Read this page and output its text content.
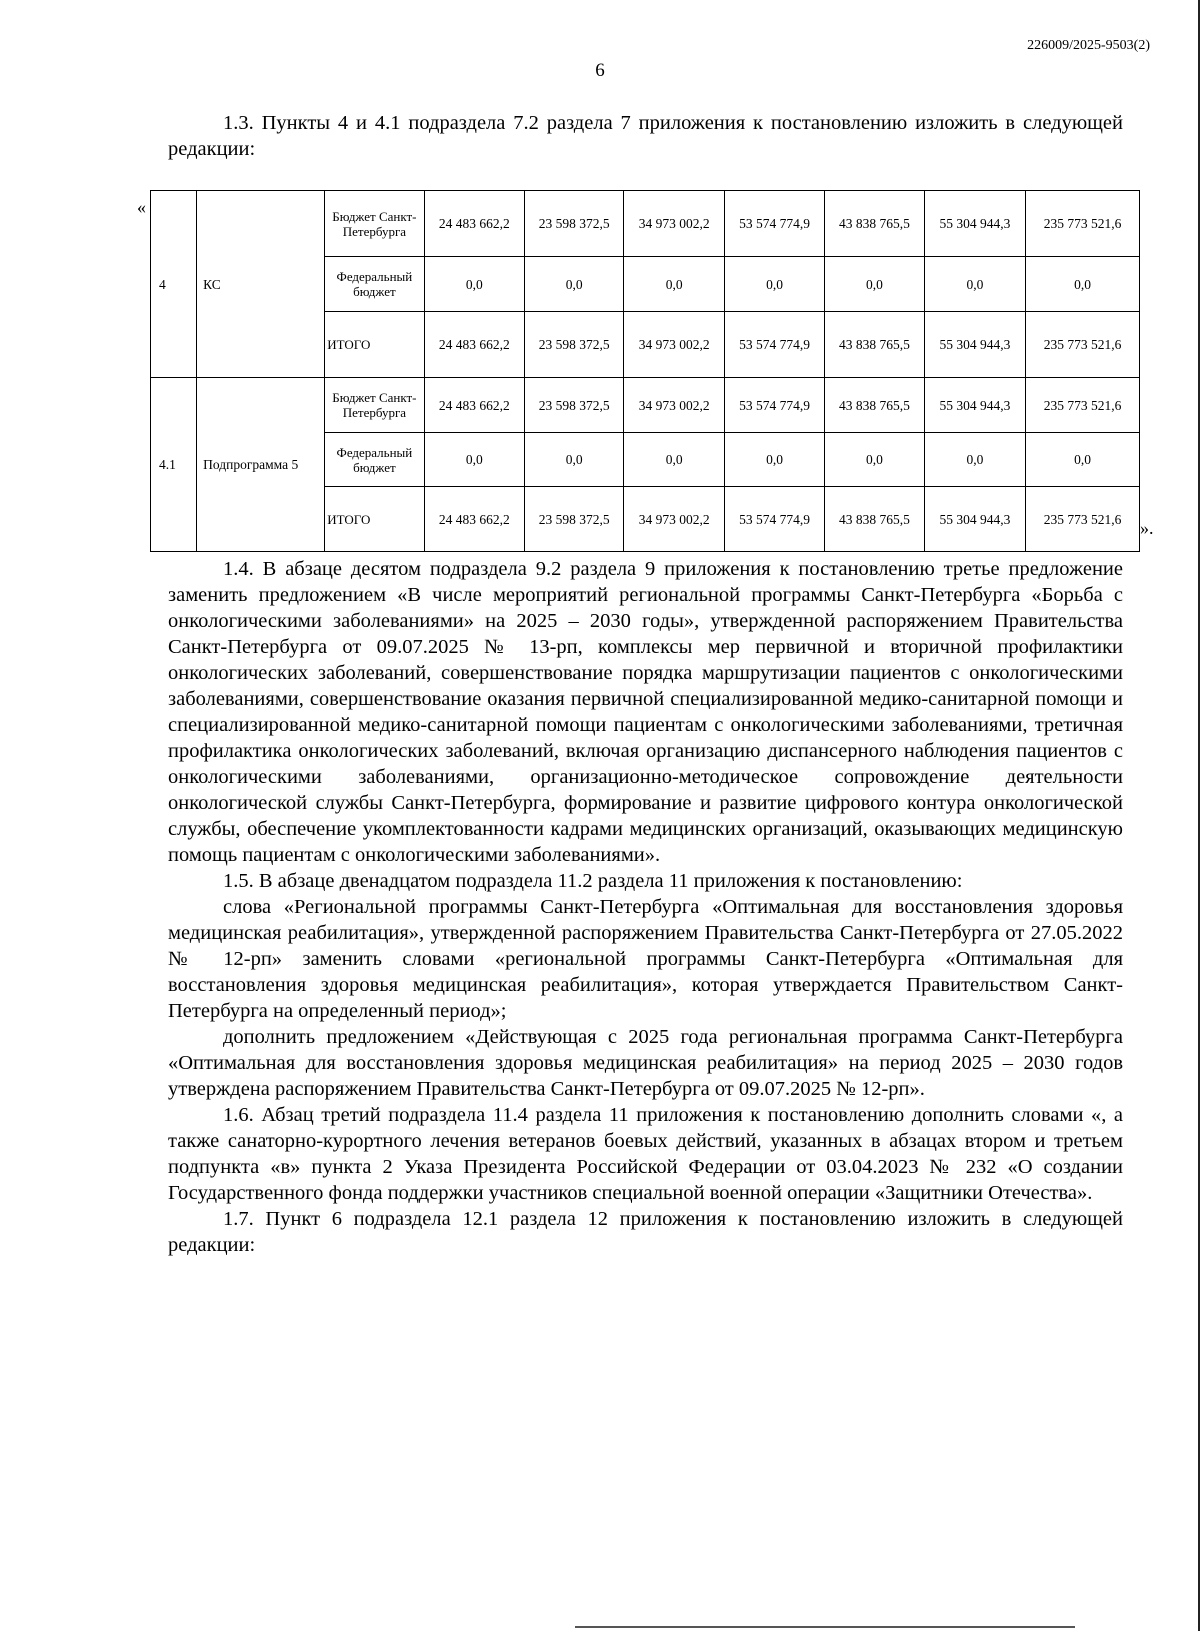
226009/2025-9503(2)
6
1.3. Пункты 4 и 4.1 подраздела 7.2 раздела 7 приложения к постановлению изложить в следующей редакции:
«
4	КС	Бюджет Санкт-Петербурга	24 483 662,2	23 598 372,5	34 973 002,2	53 574 774,9	43 838 765,5	55 304 944,3	235 773 521,6
		Федеральный бюджет	0,0	0,0	0,0	0,0	0,0	0,0	0,0
		ИТОГО	24 483 662,2	23 598 372,5	34 973 002,2	53 574 774,9	43 838 765,5	55 304 944,3	235 773 521,6
4.1	Подпрограмма 5	Бюджет Санкт-Петербурга	24 483 662,2	23 598 372,5	34 973 002,2	53 574 774,9	43 838 765,5	55 304 944,3	235 773 521,6
		Федеральный бюджет	0,0	0,0	0,0	0,0	0,0	0,0	0,0
		ИТОГО	24 483 662,2	23 598 372,5	34 973 002,2	53 574 774,9	43 838 765,5	55 304 944,3	235 773 521,6 ».

1.4. В абзаце десятом подраздела 9.2 раздела 9 приложения к постановлению третье предложение заменить предложением «В числе мероприятий региональной программы Санкт-Петербурга «Борьба с онкологическими заболеваниями» на 2025 – 2030 годы», утвержденной распоряжением Правительства Санкт-Петербурга от 09.07.2025 № 13-рп, комплексы мер первичной и вторичной профилактики онкологических заболеваний, совершенствование порядка маршрутизации пациентов с онкологическими заболеваниями, совершенствование оказания первичной специализированной медико-санитарной помощи и специализированной медико-санитарной помощи пациентам с онкологическими заболеваниями, третичная профилактика онкологических заболеваний, включая организацию диспансерного наблюдения пациентов с онкологическими заболеваниями, организационно-методическое сопровождение деятельности онкологической службы Санкт-Петербурга, формирование и развитие цифрового контура онкологической службы, обеспечение укомплектованности кадрами медицинских организаций, оказывающих медицинскую помощь пациентам с онкологическими заболеваниями».

1.5. В абзаце двенадцатом подраздела 11.2 раздела 11 приложения к постановлению:

слова «Региональной программы Санкт-Петербурга «Оптимальная для восстановления здоровья медицинская реабилитация», утвержденной распоряжением Правительства Санкт-Петербурга от 27.05.2022 № 12-рп» заменить словами «региональной программы Санкт-Петербурга «Оптимальная для восстановления здоровья медицинская реабилитация», которая утверждается Правительством Санкт-Петербурга на определенный период»;

дополнить предложением «Действующая с 2025 года региональная программа Санкт-Петербурга «Оптимальная для восстановления здоровья медицинская реабилитация» на период 2025 – 2030 годов утверждена распоряжением Правительства Санкт-Петербурга от 09.07.2025 № 12-рп».

1.6. Абзац третий подраздела 11.4 раздела 11 приложения к постановлению дополнить словами «, а также санаторно-курортного лечения ветеранов боевых действий, указанных в абзацах втором и третьем подпункта «в» пункта 2 Указа Президента Российской Федерации от 03.04.2023 № 232 «О создании Государственного фонда поддержки участников специальной военной операции «Защитники Отечества».

1.7. Пункт 6 подраздела 12.1 раздела 12 приложения к постановлению изложить в следующей редакции:
